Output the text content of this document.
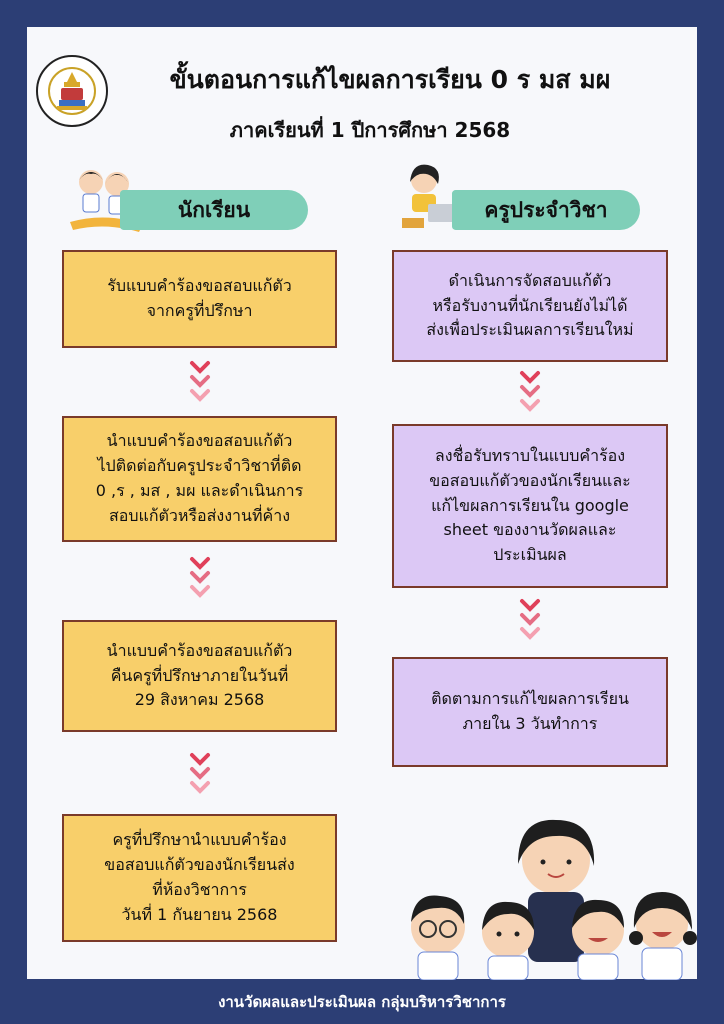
ขั้นตอนการแก้ไขผลการเรียน 0 ร มส มผ
ภาคเรียนที่ 1 ปีการศึกษา 2568
นักเรียน	ครูประจำวิชา
รับแบบคำร้องขอสอบแก้ตัว
จากครูที่ปรึกษา
นำแบบคำร้องขอสอบแก้ตัว
ไปติดต่อกับครูประจำวิชาที่ติด
0 ,ร , มส , มผ และดำเนินการ
สอบแก้ตัวหรือส่งงานที่ค้าง
นำแบบคำร้องขอสอบแก้ตัว
คืนครูที่ปรึกษาภายในวันที่
29 สิงหาคม 2568
ครูที่ปรึกษานำแบบคำร้อง
ขอสอบแก้ตัวของนักเรียนส่ง
ที่ห้องวิชาการ
วันที่ 1 กันยายน 2568
ดำเนินการจัดสอบแก้ตัว
หรือรับงานที่นักเรียนยังไม่ได้
ส่งเพื่อประเมินผลการเรียนใหม่
ลงชื่อรับทราบในแบบคำร้อง
ขอสอบแก้ตัวของนักเรียนและ
แก้ไขผลการเรียนใน google
sheet ของงานวัดผลและ
ประเมินผล
ติดตามการแก้ไขผลการเรียน
ภายใน 3 วันทำการ
งานวัดผลและประเมินผล กลุ่มบริหารวิชาการ
